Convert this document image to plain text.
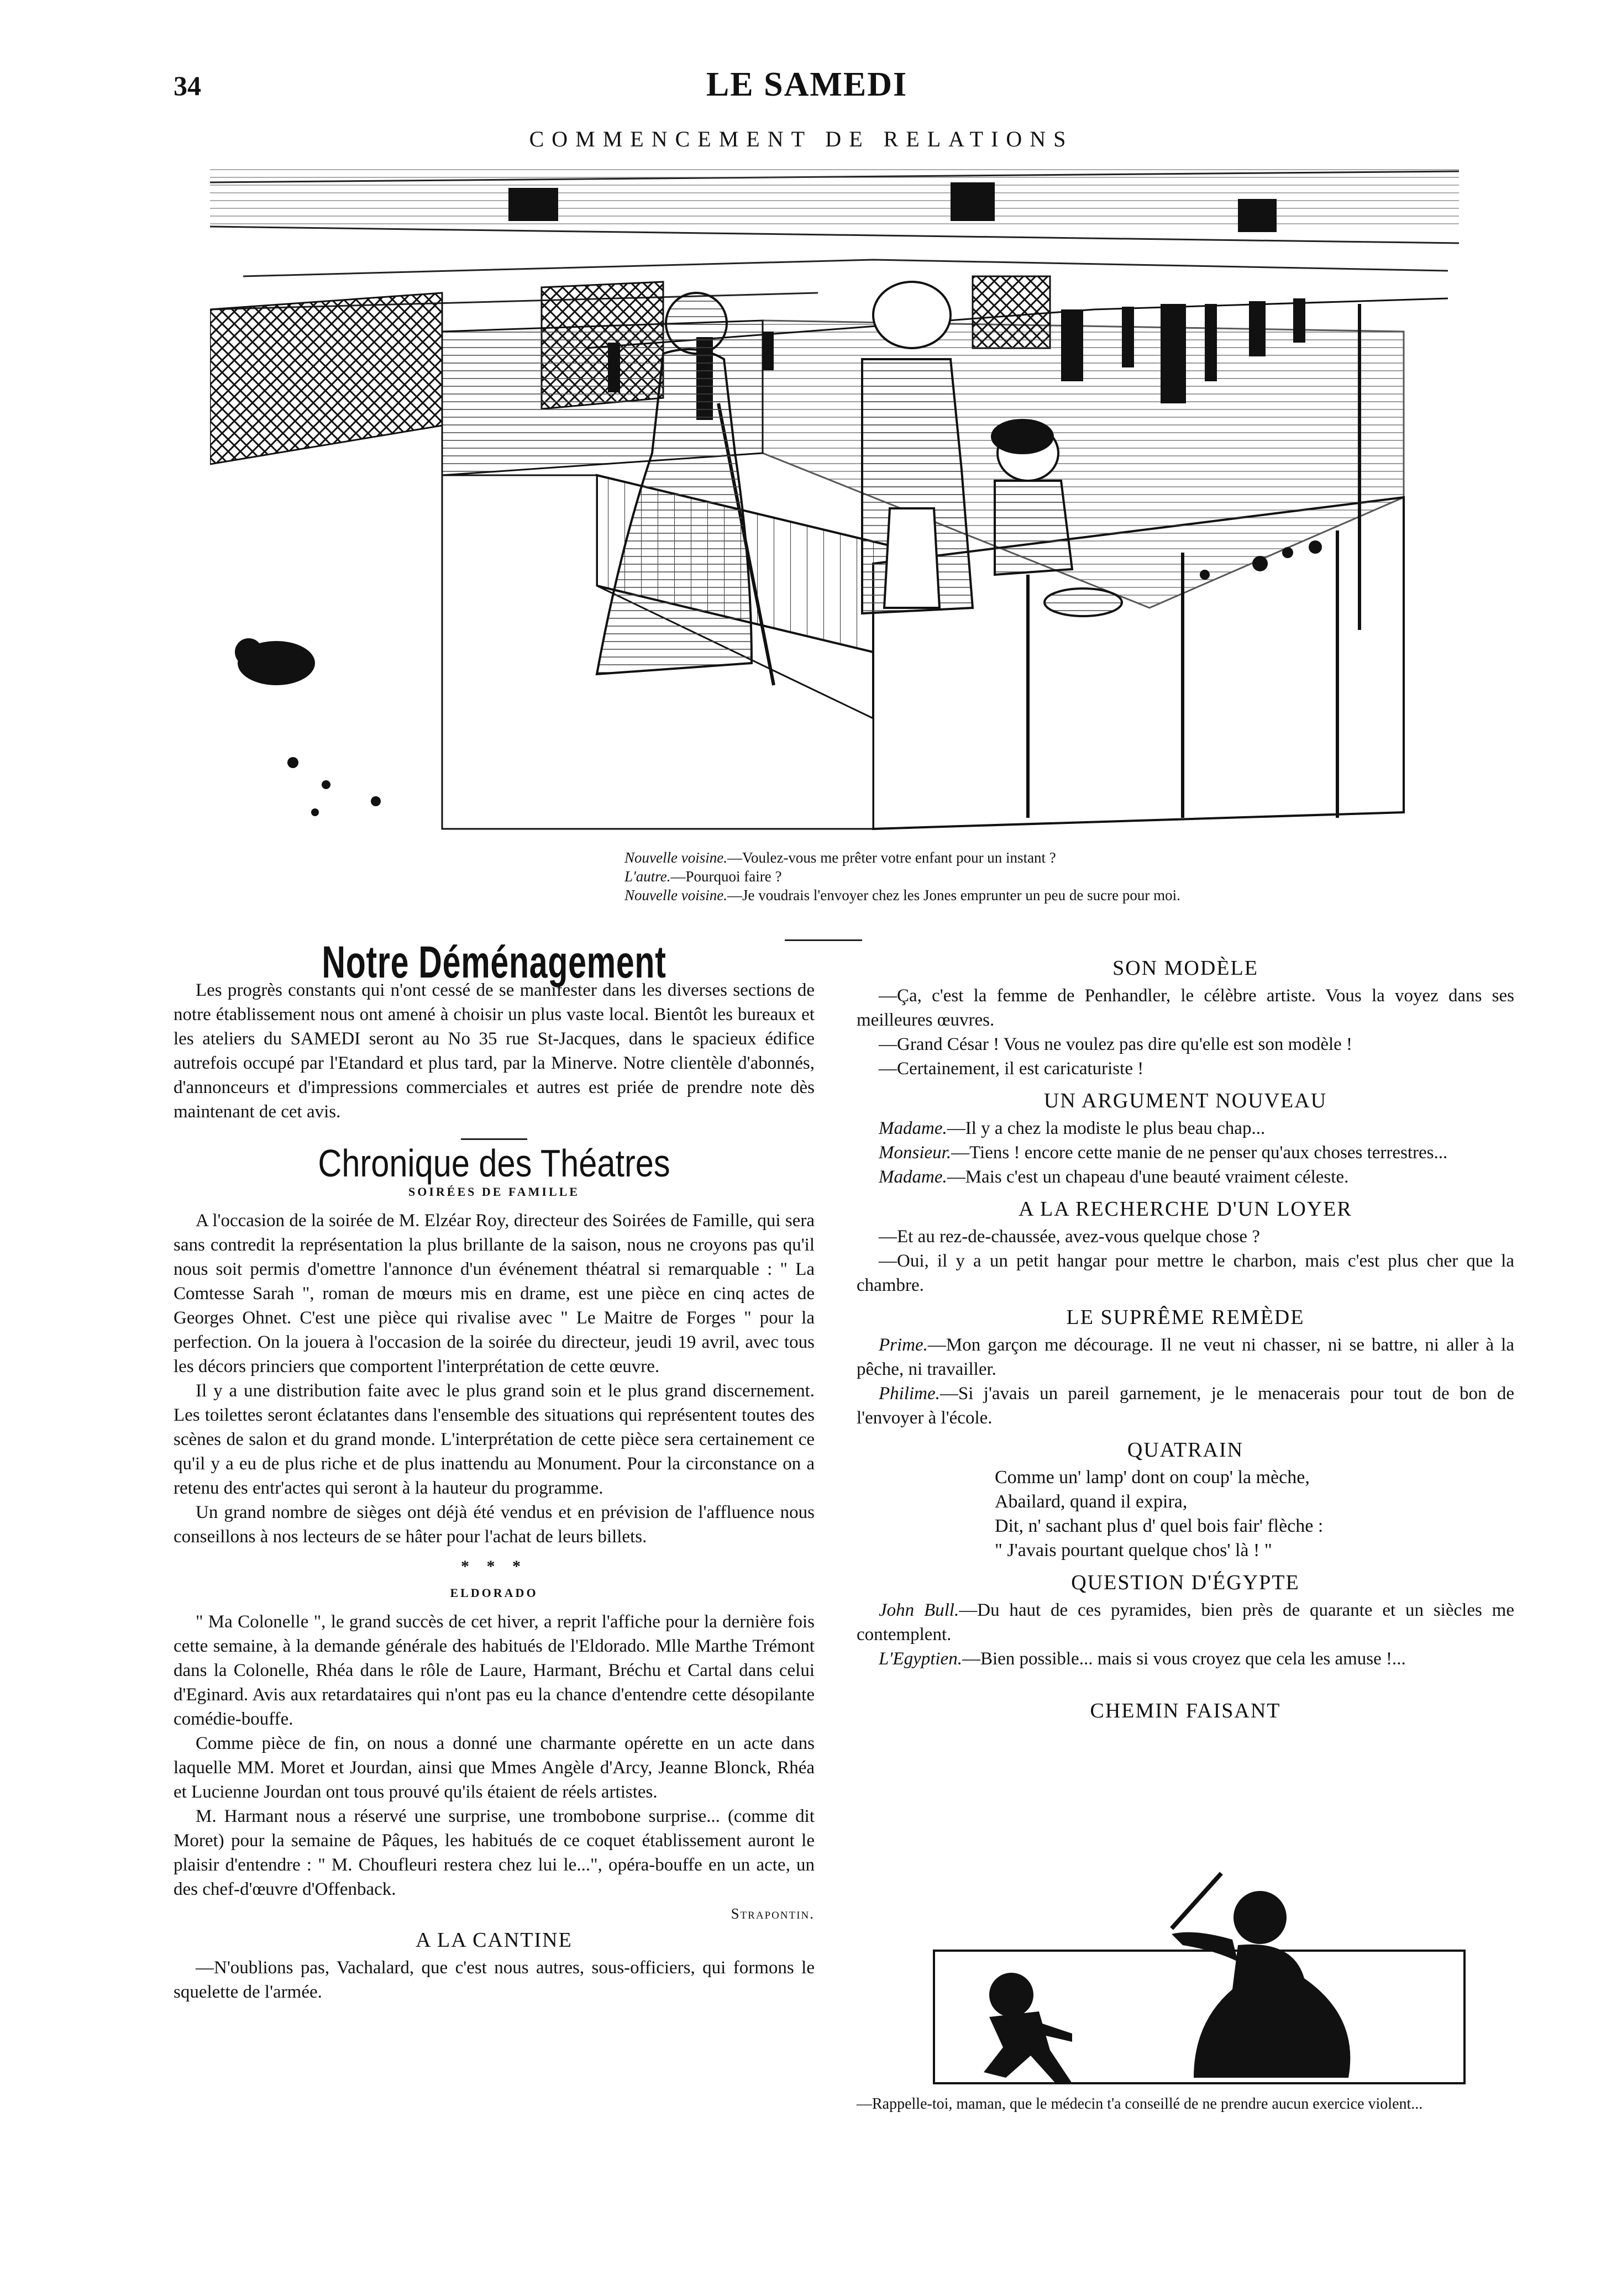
34	LE SAMEDI
COMMENCEMENT DE RELATIONS
Nouvelle voisine.—Voulez-vous me prêter votre enfant pour un instant ?
L'autre.—Pourquoi faire ?
Nouvelle voisine.—Je voudrais l'envoyer chez les Jones emprunter un peu de sucre pour moi.
Notre Déménagement

Les progrès constants qui n'ont cessé de se manifester dans les diverses sections de notre établissement nous ont amené à choisir un plus vaste local. Bientôt les bureaux et les ateliers du SAMEDI seront au No 35 rue St-Jacques, dans le spacieux édifice autrefois occupé par l'Etandard et plus tard, par la Minerve. Notre clientèle d'abonnés, d'annonceurs et d'impressions commerciales et autres est priée de prendre note dès maintenant de cet avis.

Chronique des Théatres
SOIRÉES DE FAMILLE

A l'occasion de la soirée de M. Elzéar Roy, directeur des Soirées de Famille, qui sera sans contredit la représentation la plus brillante de la saison, nous ne croyons pas qu'il nous soit permis d'omettre l'annonce d'un événement théatral si remarquable : " La Comtesse Sarah ", roman de mœurs mis en drame, est une pièce en cinq actes de Georges Ohnet. C'est une pièce qui rivalise avec " Le Maitre de Forges " pour la perfection. On la jouera à l'occasion de la soirée du directeur, jeudi 19 avril, avec tous les décors princiers que comportent l'interprétation de cette œuvre.

Il y a une distribution faite avec le plus grand soin et le plus grand discernement. Les toilettes seront éclatantes dans l'ensemble des situations qui représentent toutes des scènes de salon et du grand monde. L'interprétation de cette pièce sera certainement ce qu'il y a eu de plus riche et de plus inattendu au Monument. Pour la circonstance on a retenu des entr'actes qui seront à la hauteur du programme.

Un grand nombre de sièges ont déjà été vendus et en prévision de l'affluence nous conseillons à nos lecteurs de se hâter pour l'achat de leurs billets.

* * *
ELDORADO

" Ma Colonelle ", le grand succès de cet hiver, a reprit l'affiche pour la dernière fois cette semaine, à la demande générale des habitués de l'Eldorado. Mlle Marthe Trémont dans la Colonelle, Rhéa dans le rôle de Laure, Harmant, Bréchu et Cartal dans celui d'Eginard. Avis aux retardataires qui n'ont pas eu la chance d'entendre cette désopilante comédie-bouffe.

Comme pièce de fin, on nous a donné une charmante opérette en un acte dans laquelle MM. Moret et Jourdan, ainsi que Mmes Angèle d'Arcy, Jeanne Blonck, Rhéa et Lucienne Jourdan ont tous prouvé qu'ils étaient de réels artistes.

M. Harmant nous a réservé une surprise, une trombobone surprise... (comme dit Moret) pour la semaine de Pâques, les habitués de ce coquet établissement auront le plaisir d'entendre : " M. Choufleuri restera chez lui le...", opéra-bouffe en un acte, un des chef-d'œuvre d'Offenback.

Strapontin.
A LA CANTINE

—N'oublions pas, Vachalard, que c'est nous autres, sous-officiers, qui formons le squelette de l'armée.

SON MODÈLE

—Ça, c'est la femme de Penhandler, le célèbre artiste. Vous la voyez dans ses meilleures œuvres.

—Grand César ! Vous ne voulez pas dire qu'elle est son modèle !

—Certainement, il est caricaturiste !

UN ARGUMENT NOUVEAU

Madame.—Il y a chez la modiste le plus beau chap...

Monsieur.—Tiens ! encore cette manie de ne penser qu'aux choses terrestres...

Madame.—Mais c'est un chapeau d'une beauté vraiment céleste.

A LA RECHERCHE D'UN LOYER

—Et au rez-de-chaussée, avez-vous quelque chose ?

—Oui, il y a un petit hangar pour mettre le charbon, mais c'est plus cher que la chambre.

LE SUPRÊME REMÈDE

Prime.—Mon garçon me décourage. Il ne veut ni chasser, ni se battre, ni aller à la pêche, ni travailler.

Philime.—Si j'avais un pareil garnement, je le menacerais pour tout de bon de l'envoyer à l'école.

QUATRAIN
Comme un' lamp' dont on coup' la mèche,
Abailard, quand il expira,
Dit, n' sachant plus d' quel bois fair' flèche :
" J'avais pourtant quelque chos' là ! "
QUESTION D'ÉGYPTE

John Bull.—Du haut de ces pyramides, bien près de quarante et un siècles me contemplent.

L'Egyptien.—Bien possible... mais si vous croyez que cela les amuse !...

CHEMIN FAISANT
—Rappelle-toi, maman, que le médecin t'a conseillé de ne prendre aucun exercice violent...
